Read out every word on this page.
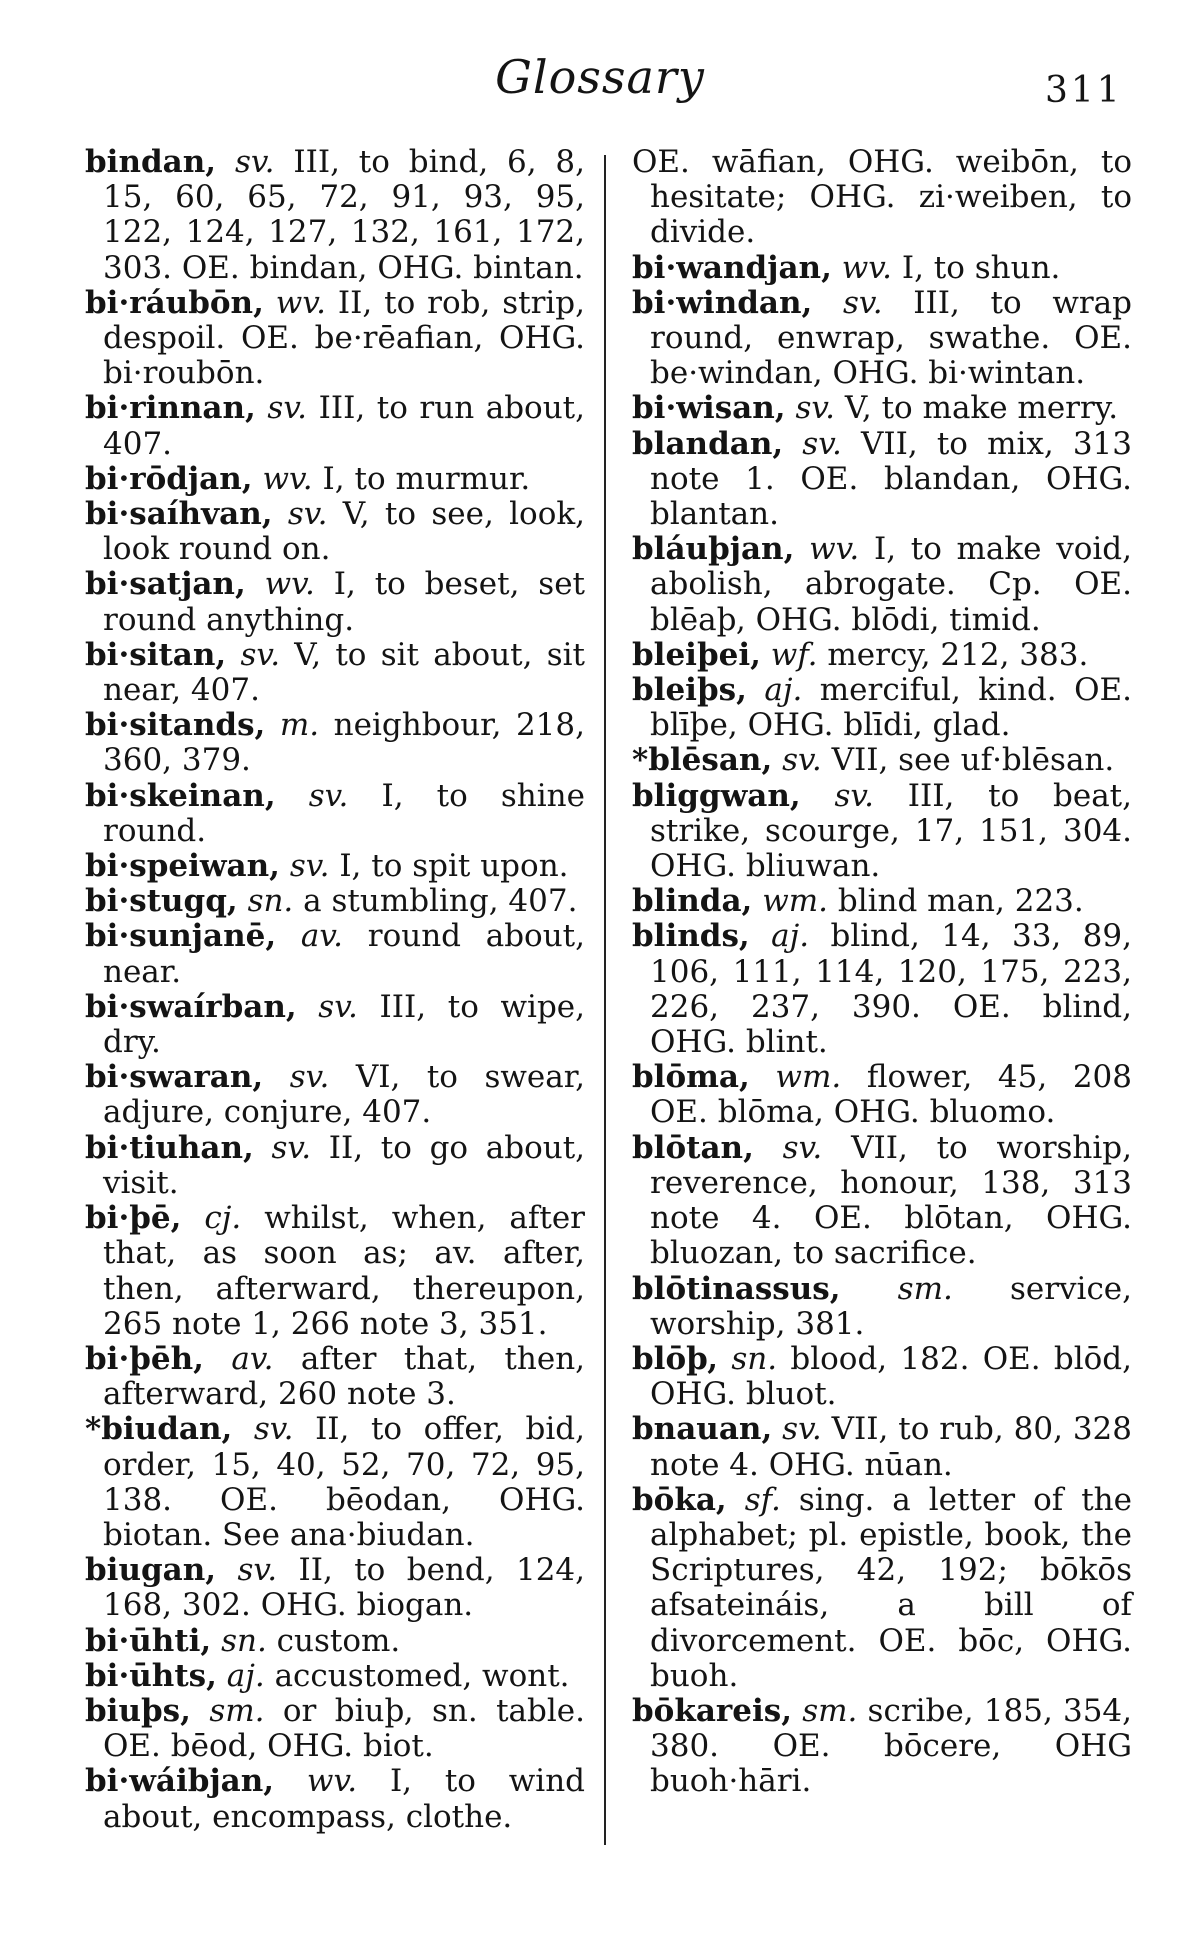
Glossary	311
bindan, sv. III, to bind, 6, 8, 15, 60, 65, 72, 91, 93, 95, 122, 124, 127, 132, 161, 172, 303. OE. bindan, OHG. bintan.
bi·ráubōn, wv. II, to rob, strip, despoil. OE. be·rēafian, OHG. bi·roubōn.
bi·rinnan, sv. III, to run about, 407.
bi·rōdjan, wv. I, to murmur.
bi·saíhvan, sv. V, to see, look, look round on.
bi·satjan, wv. I, to beset, set round anything.
bi·sitan, sv. V, to sit about, sit near, 407.
bi·sitands, m. neighbour, 218, 360, 379.
bi·skeinan, sv. I, to shine round.
bi·speiwan, sv. I, to spit upon.
bi·stugq, sn. a stumbling, 407.
bi·sunjanē, av. round about, near.
bi·swaírban, sv. III, to wipe, dry.
bi·swaran, sv. VI, to swear, adjure, conjure, 407.
bi·tiuhan, sv. II, to go about, visit.
bi·þē, cj. whilst, when, after that, as soon as; av. after, then, afterward, thereupon, 265 note 1, 266 note 3, 351.
bi·þēh, av. after that, then, afterward, 260 note 3.
*biudan, sv. II, to offer, bid, order, 15, 40, 52, 70, 72, 95, 138. OE. bēodan, OHG. biotan. See ana·biudan.
biugan, sv. II, to bend, 124, 168, 302. OHG. biogan.
bi·ūhti, sn. custom.
bi·ūhts, aj. accustomed, wont.
biuþs, sm. or biuþ, sn. table. OE. bēod, OHG. biot.
bi·wáibjan, wv. I, to wind about, encompass, clothe.
OE. wāfian, OHG. weibōn, to hesitate; OHG. zi·weiben, to divide.
bi·wandjan, wv. I, to shun.
bi·windan, sv. III, to wrap round, enwrap, swathe. OE. be·windan, OHG. bi·wintan.
bi·wisan, sv. V, to make merry.
blandan, sv. VII, to mix, 313 note 1. OE. blandan, OHG. blantan.
bláuþjan, wv. I, to make void, abolish, abrogate. Cp. OE. blēaþ, OHG. blōdi, timid.
bleiþei, wf. mercy, 212, 383.
bleiþs, aj. merciful, kind. OE. blīþe, OHG. blīdi, glad.
*blēsan, sv. VII, see uf·blēsan.
bliggwan, sv. III, to beat, strike, scourge, 17, 151, 304. OHG. bliuwan.
blinda, wm. blind man, 223.
blinds, aj. blind, 14, 33, 89, 106, 111, 114, 120, 175, 223, 226, 237, 390. OE. blind, OHG. blint.
blōma, wm. flower, 45, 208 OE. blōma, OHG. bluomo.
blōtan, sv. VII, to worship, reverence, honour, 138, 313 note 4. OE. blōtan, OHG. bluozan, to sacrifice.
blōtinassus, sm. service, worship, 381.
blōþ, sn. blood, 182. OE. blōd, OHG. bluot.
bnauan, sv. VII, to rub, 80, 328 note 4. OHG. nūan.
bōka, sf. sing. a letter of the alphabet; pl. epistle, book, the Scriptures, 42, 192; bōkōs afsateináis, a bill of divorcement. OE. bōc, OHG. buoh.
bōkareis, sm. scribe, 185, 354, 380. OE. bōcere, OHG buoh·hāri.
